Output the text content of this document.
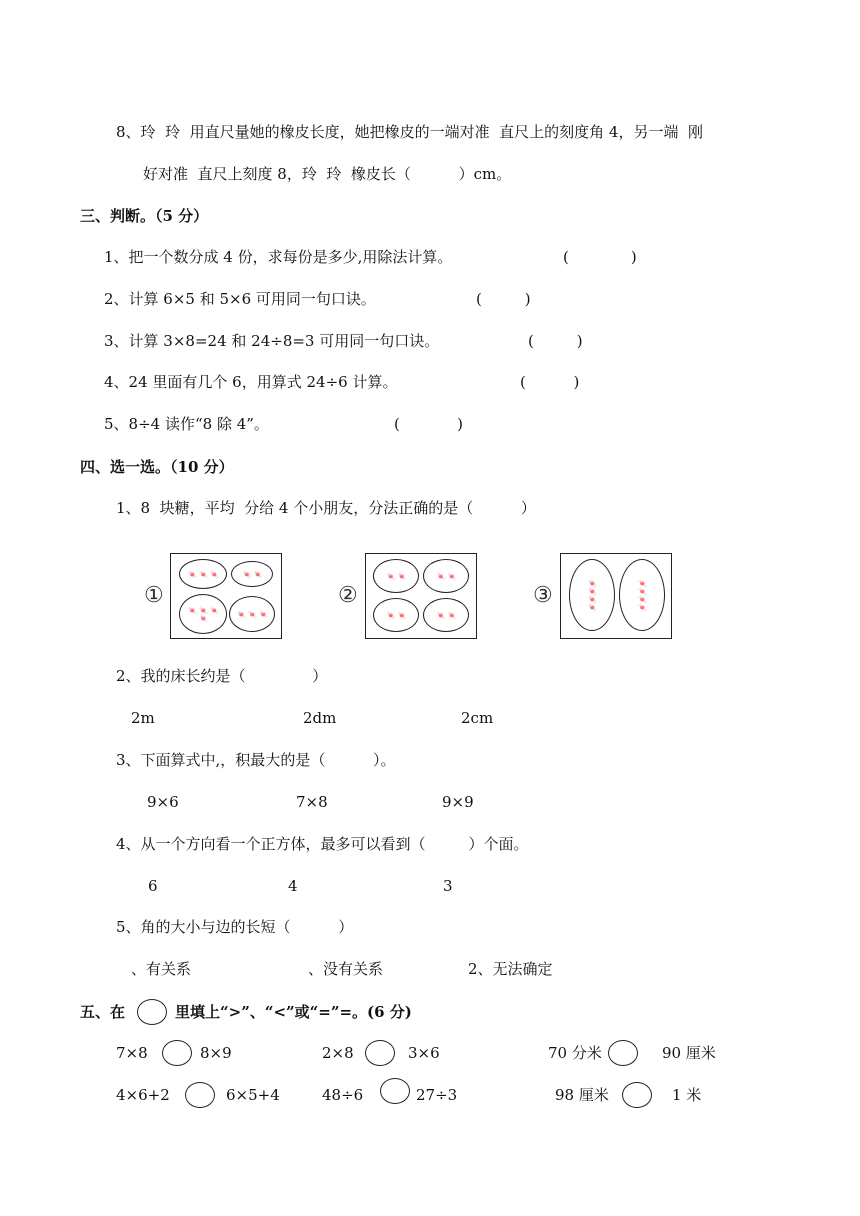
8、玲  玲  用直尺量她的橡皮长度，她把橡皮的一端对准  直尺上的刻度角 4，另一端  刚
好对准  直尺上刻度 8，玲  玲  橡皮长（          ）cm。
三、判断。（5 分）
1、把一个数分成 4 份，求每份是多少,用除法计算。	(             )
2、计算 6×5 和 5×6 可用同一句口诀。	(         )
3、计算 3×8=24 和 24÷8=3 可用同一句口诀。	(         )
4、24 里面有几个 6，用算式 24÷6 计算。	(          )
5、8÷4 读作“8 除 4”。	(            )
四、选一选。（10 分）
1、8  块糖，平均  分给 4 个小朋友，分法正确的是（          ）
①
🍬 🍬 🍬	🍬 🍬
🍬 🍬 🍬
🍬	🍬 🍬 🍬
②
🍬 🍬	🍬 🍬
🍬 🍬	🍬 🍬
③	🍬
🍬
🍬
🍬
🍬
🍬
🍬
🍬
2、我的床长约是（              ）
2m	2dm	2cm
3、下面算式中,，积最大的是（          ）。
9×6	7×8	9×9
4、从一个方向看一个正方体，最多可以看到（         ）个面。
6	4	3
5、角的大小与边的长短（          ）
、有关系	、没有关系	2、无法确定
五、在	里填上“>”、“<”或“=”=。(6 分)
7×8	8×9	2×8	3×6	70 分米	90 厘米
4×6+2	6×5+4	48÷6	27÷3	98 厘米	1 米
